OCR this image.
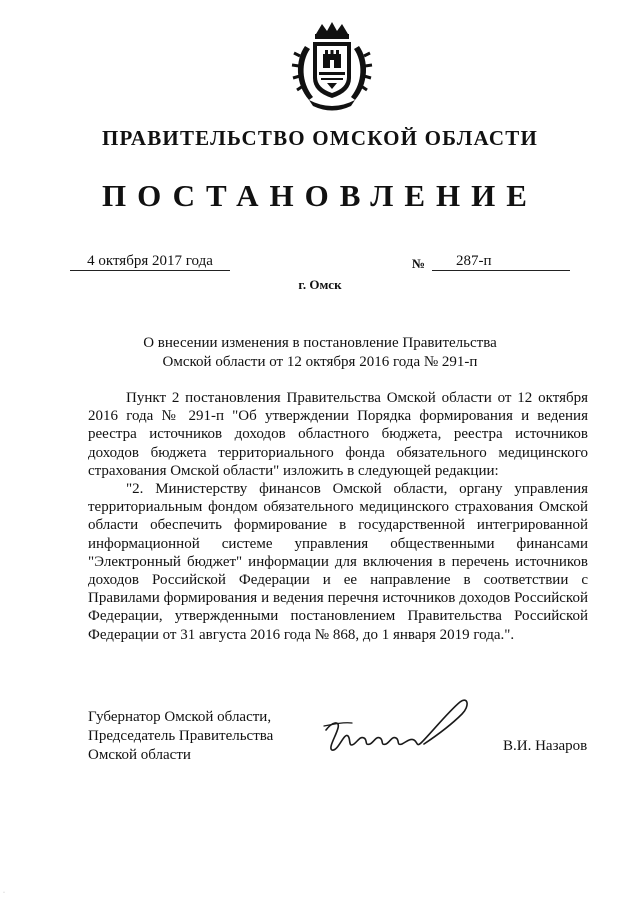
ПРАВИТЕЛЬСТВО ОМСКОЙ ОБЛАСТИ
ПОСТАНОВЛЕНИЕ
4 октября 2017 года	№	287-п
г. Омск
О внесении изменения в постановление Правительства
Омской области от 12 октября 2016 года № 291-п

Пункт 2 постановления Правительства Омской области от 12 октября 2016 года № 291-п "Об утверждении Порядка формирования и ведения реестра источников доходов областного бюджета, реестра источников доходов бюджета территориального фонда обязательного медицинского страхования Омской области" изложить в следующей редакции:

"2. Министерству финансов Омской области, органу управления территориальным фондом обязательного медицинского страхования Омской области обеспечить формирование в государственной интегрированной информационной системе управления общественными финансами "Электронный бюджет" информации для включения в перечень источников доходов Российской Федерации и ее направление в соответствии с Правилами формирования и ведения перечня источников доходов Российской Федерации, утвержденными постановлением Правительства Российской Федерации от 31 августа 2016 года № 868, до 1 января 2019 года.".

Губернатор Омской области,
Председатель Правительства
Омской области
В.И. Назаров
·
